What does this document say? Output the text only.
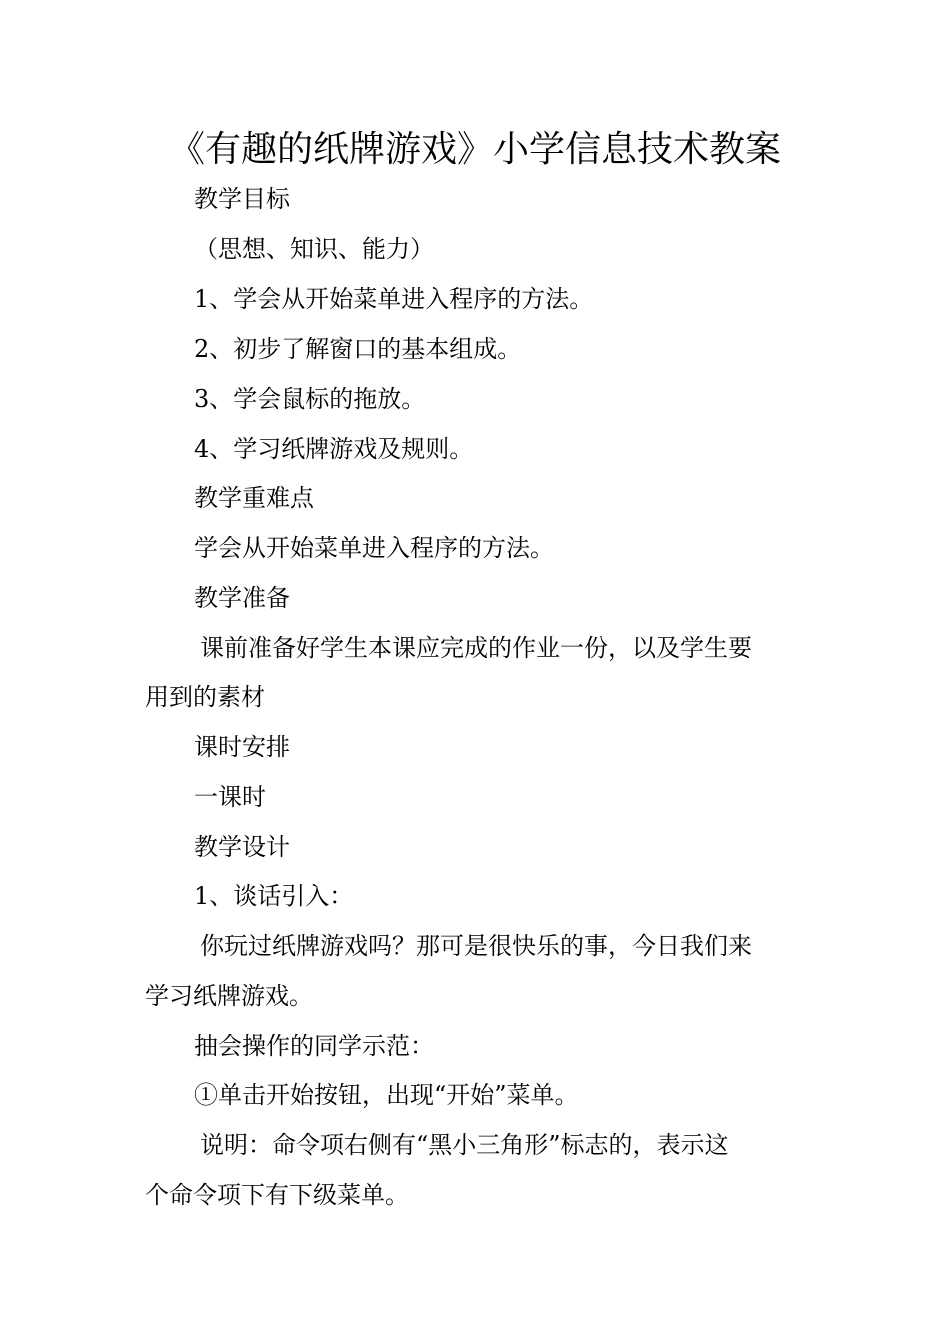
《有趣的纸牌游戏》小学信息技术教案

教学目标

（思想、知识、能力）

1、学会从开始菜单进入程序的方法。

2、初步了解窗口的基本组成。

3、学会鼠标的拖放。

4、学习纸牌游戏及规则。

教学重难点

学会从开始菜单进入程序的方法。

教学准备

课前准备好学生本课应完成的作业一份，以及学生要

用到的素材

课时安排

一课时

教学设计

1、谈话引入：

你玩过纸牌游戏吗？那可是很快乐的事，今日我们来

学习纸牌游戏。

抽会操作的同学示范：

①单击开始按钮，出现“开始”菜单。

说明：命令项右侧有“黑小三角形”标志的，表示这

个命令项下有下级菜单。
